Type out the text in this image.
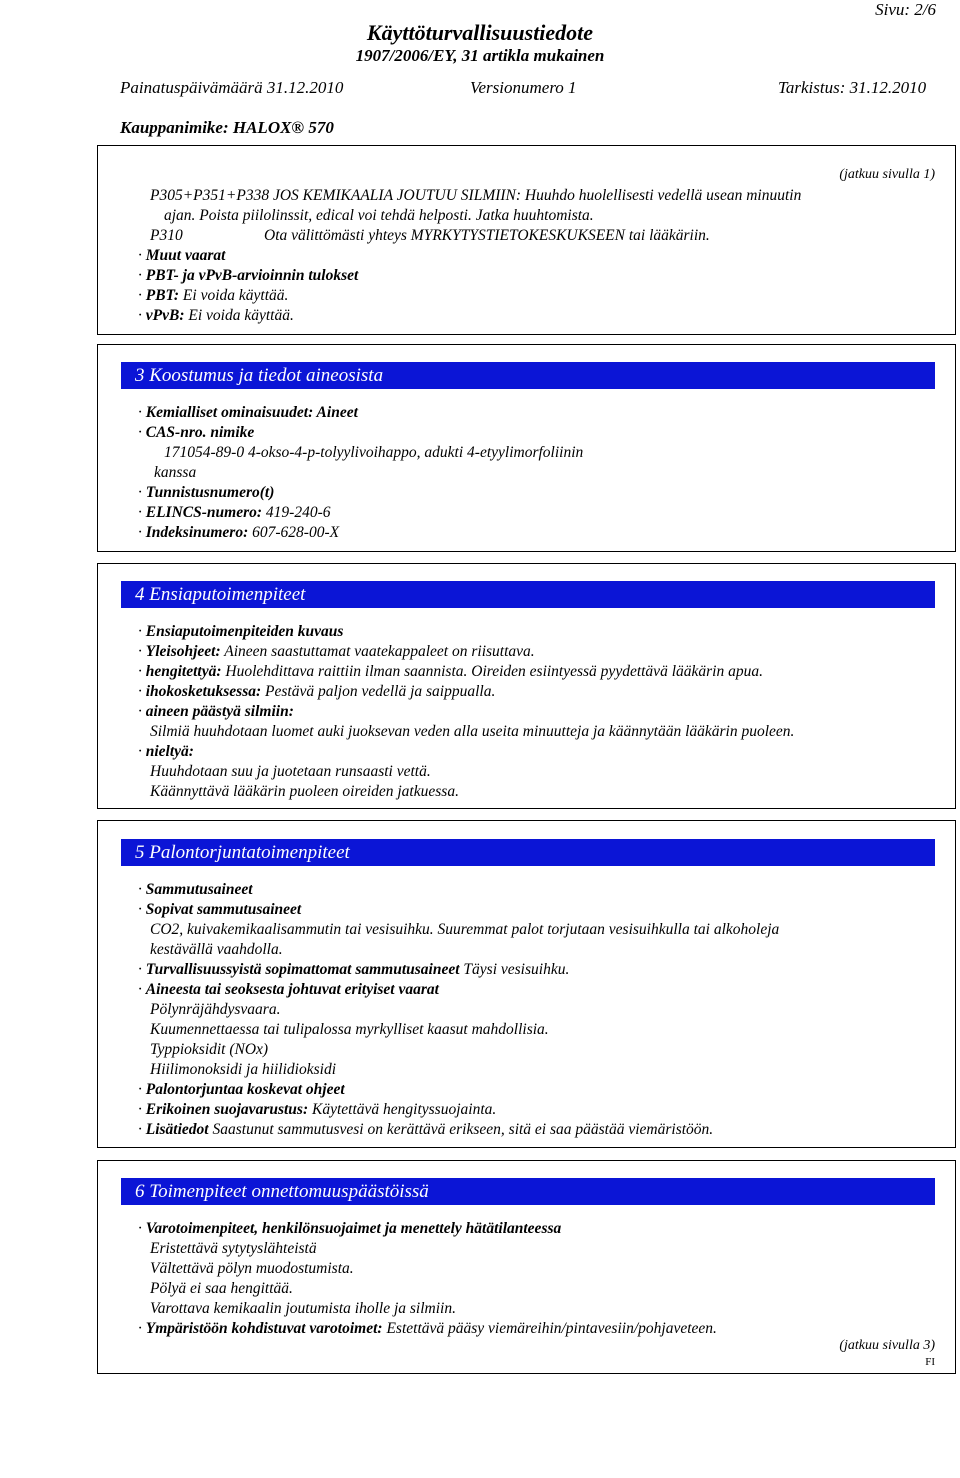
Sivu: 2/6
Käyttöturvallisuustiedote
1907/2006/EY, 31 artikla mukainen
Painatuspäivämäärä 31.12.2010	Versionumero 1	Tarkistus: 31.12.2010
Kauppanimike: HALOX® 570
(jatkuu sivulla 1)
P305+P351+P338 JOS KEMIKAALIA JOUTUU SILMIIN: Huuhdo huolellisesti vedellä usean minuutin
ajan. Poista piilolinssit, edical voi tehdä helposti. Jatka huuhtomista.
P310	Ota välittömästi yhteys MYRKYTYSTIETOKESKUKSEEN tai lääkäriin.
· Muut vaarat
· PBT- ja vPvB-arvioinnin tulokset
· PBT: Ei voida käyttää.
· vPvB: Ei voida käyttää.
3 Koostumus ja tiedot aineosista
· Kemialliset ominaisuudet: Aineet
· CAS-nro. nimike
171054-89-0 4-okso-4-p-tolyylivoihappo, adukti 4-etyylimorfoliinin
kanssa
· Tunnistusnumero(t)
· ELINCS-numero: 419-240-6
· Indeksinumero: 607-628-00-X
4 Ensiaputoimenpiteet
· Ensiaputoimenpiteiden kuvaus
· Yleisohjeet: Aineen saastuttamat vaatekappaleet on riisuttava.
· hengitettyä: Huolehdittava raittiin ilman saannista. Oireiden esiintyessä pyydettävä lääkärin apua.
· ihokosketuksessa: Pestävä paljon vedellä ja saippualla.
· aineen päästyä silmiin:
Silmiä huuhdotaan luomet auki juoksevan veden alla useita minuutteja ja käännytään lääkärin puoleen.
· nieltyä:
Huuhdotaan suu ja juotetaan runsaasti vettä.
Käännyttävä lääkärin puoleen oireiden jatkuessa.
5 Palontorjuntatoimenpiteet
· Sammutusaineet
· Sopivat sammutusaineet
CO2, kuivakemikaalisammutin tai vesisuihku. Suuremmat palot torjutaan vesisuihkulla tai alkoholeja
kestävällä vaahdolla.
· Turvallisuussyistä sopimattomat sammutusaineet Täysi vesisuihku.
· Aineesta tai seoksesta johtuvat erityiset vaarat
Pölynräjähdysvaara.
Kuumennettaessa tai tulipalossa myrkylliset kaasut mahdollisia.
Typpioksidit (NOx)
Hiilimonoksidi ja hiilidioksidi
· Palontorjuntaa koskevat ohjeet
· Erikoinen suojavarustus: Käytettävä hengityssuojainta.
· Lisätiedot Saastunut sammutusvesi on kerättävä erikseen, sitä ei saa päästää viemäristöön.
6 Toimenpiteet onnettomuuspäästöissä
· Varotoimenpiteet, henkilönsuojaimet ja menettely hätätilanteessa
Eristettävä sytytyslähteistä
Vältettävä pölyn muodostumista.
Pölyä ei saa hengittää.
Varottava kemikaalin joutumista iholle ja silmiin.
· Ympäristöön kohdistuvat varotoimet: Estettävä pääsy viemäreihin/pintavesiin/pohjaveteen.
(jatkuu sivulla 3)
FI
